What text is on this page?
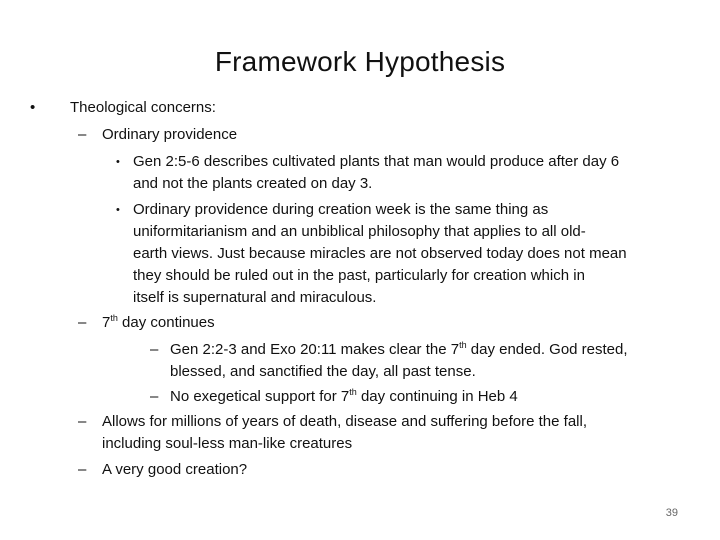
Framework Hypothesis
• Theological concerns:
– Ordinary providence
• Gen 2:5-6 describes cultivated plants that man would produce after day 6
and not the plants created on day 3.
• Ordinary providence during creation week is the same thing as
uniformitarianism and an unbiblical philosophy that applies to all old-
earth views. Just because miracles are not observed today does not mean
they should be ruled out in the past, particularly for creation which in
itself is supernatural and miraculous.
– 7th day continues
– Gen 2:2-3 and Exo 20:11 makes clear the 7th day ended. God rested,
blessed, and sanctified the day, all past tense.
– No exegetical support for 7th day continuing in Heb 4
– Allows for millions of years of death, disease and suffering before the fall,
including soul-less man-like creatures
– A very good creation?
39
